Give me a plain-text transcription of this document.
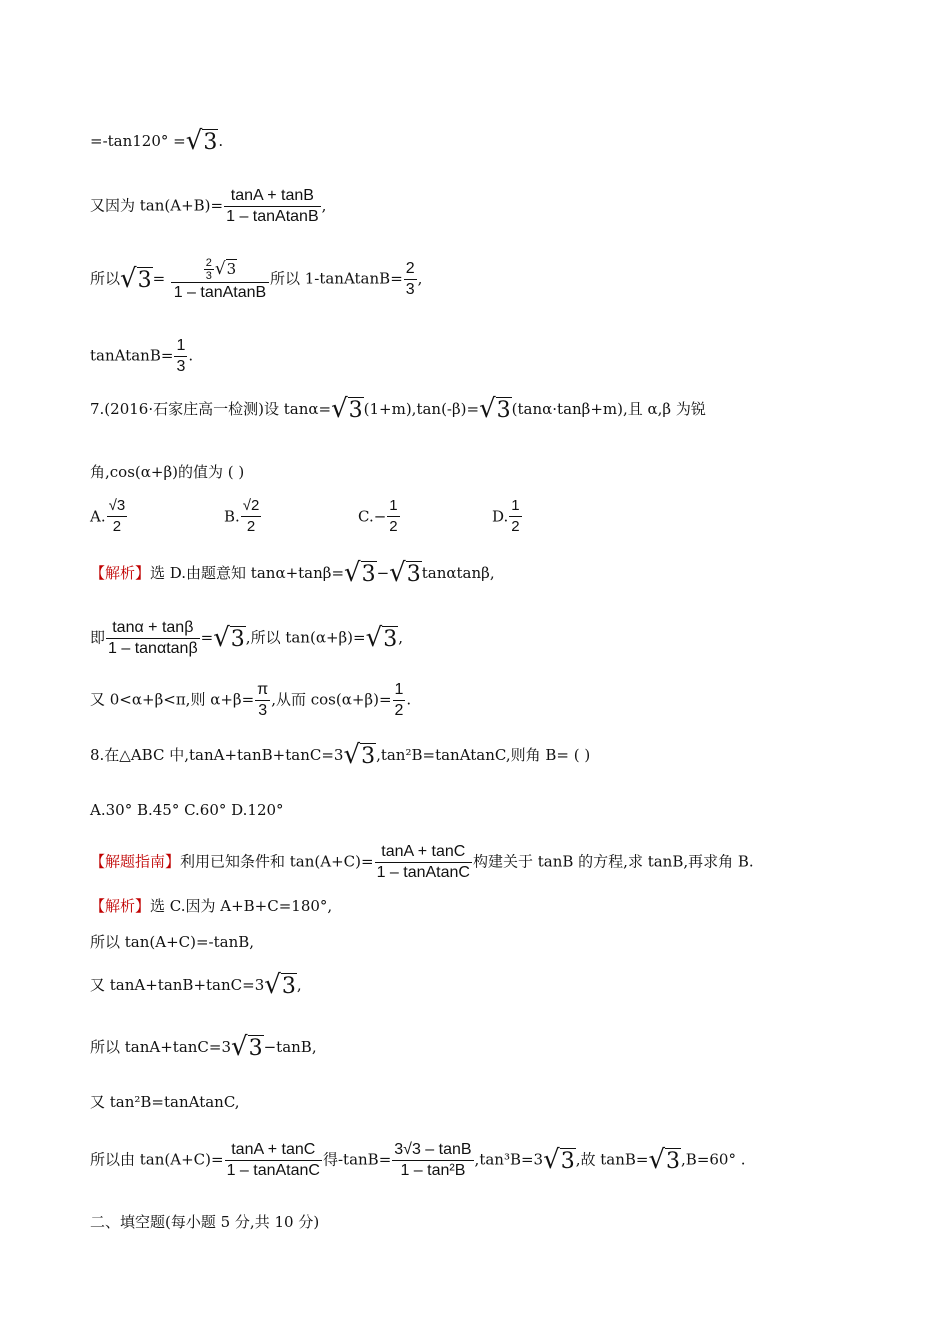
=-tan120° =√3.
又因为 $\tan(A+B)= \frac{\tan A + \tan B}{\text{1 – tanAtanB}}$ ,
所以$√3= \frac{\frac{2}{3} √3}{\text{1 – tanAtanB}}$ 所以 1-tanAtanB= $\frac{2}{3}$ ,
tanAtanB= $\frac{1}{3}$ .
7.(2016·石家庄高一检测)设 tanα=√3(1+m),tan(-β)=√3(tanα·tanβ+m),且 α,β 为锐
角,cos(α+β)的值为 ( )
A. $\frac{√3}{2}$	B. $\frac{√2}{2}$	$C.- \frac{1}{2}$	D. $\frac{1}{2}$
【解析】选 D.由题意知 tanα+tanβ=√3−√3tanαtanβ,
即 $\frac{\tan\alpha + \tan\beta}{1 - \tan\alpha\tan\beta} =√3$,所以 tan(α+β)=√3,
又 0<α+β<π,则 $\alpha+\beta= \frac{\pi}{3}$ ,从而 $\cos(\alpha+\beta)= \frac{1}{2}$ .
8.在△ABC 中,tanA+tanB+tanC=3√3,tan²B=tanAtanC,则角 B= ( )
A.30° B.45° C.60° D.120°
【解题指南】利用已知条件和 $\tan(A+C)= \frac{\tan A + \tan C}{\text{1 – tanAtanC}}$ 构建关于 tanB 的方程,求 tanB,再求角 B.
【解析】选 C.因为 A+B+C=180°,
所以 tan(A+C)=-tanB,
又 tanA+tanB+tanC=3√3,
所以 tanA+tanC=3√3−tanB,
又 tan²B=tanAtanC,
所以由 $\tan(A+C)= \frac{\tan A + \tan C}{\text{1 – tanAtanC}}$ 得$-\tan B= \frac{3√3 - \tan B}{\text{1 – tan²B}} ,\tan^3B=3√3$,故 tanB=√3,B=60° .
二、填空题(每小题 5 分,共 10 分)
